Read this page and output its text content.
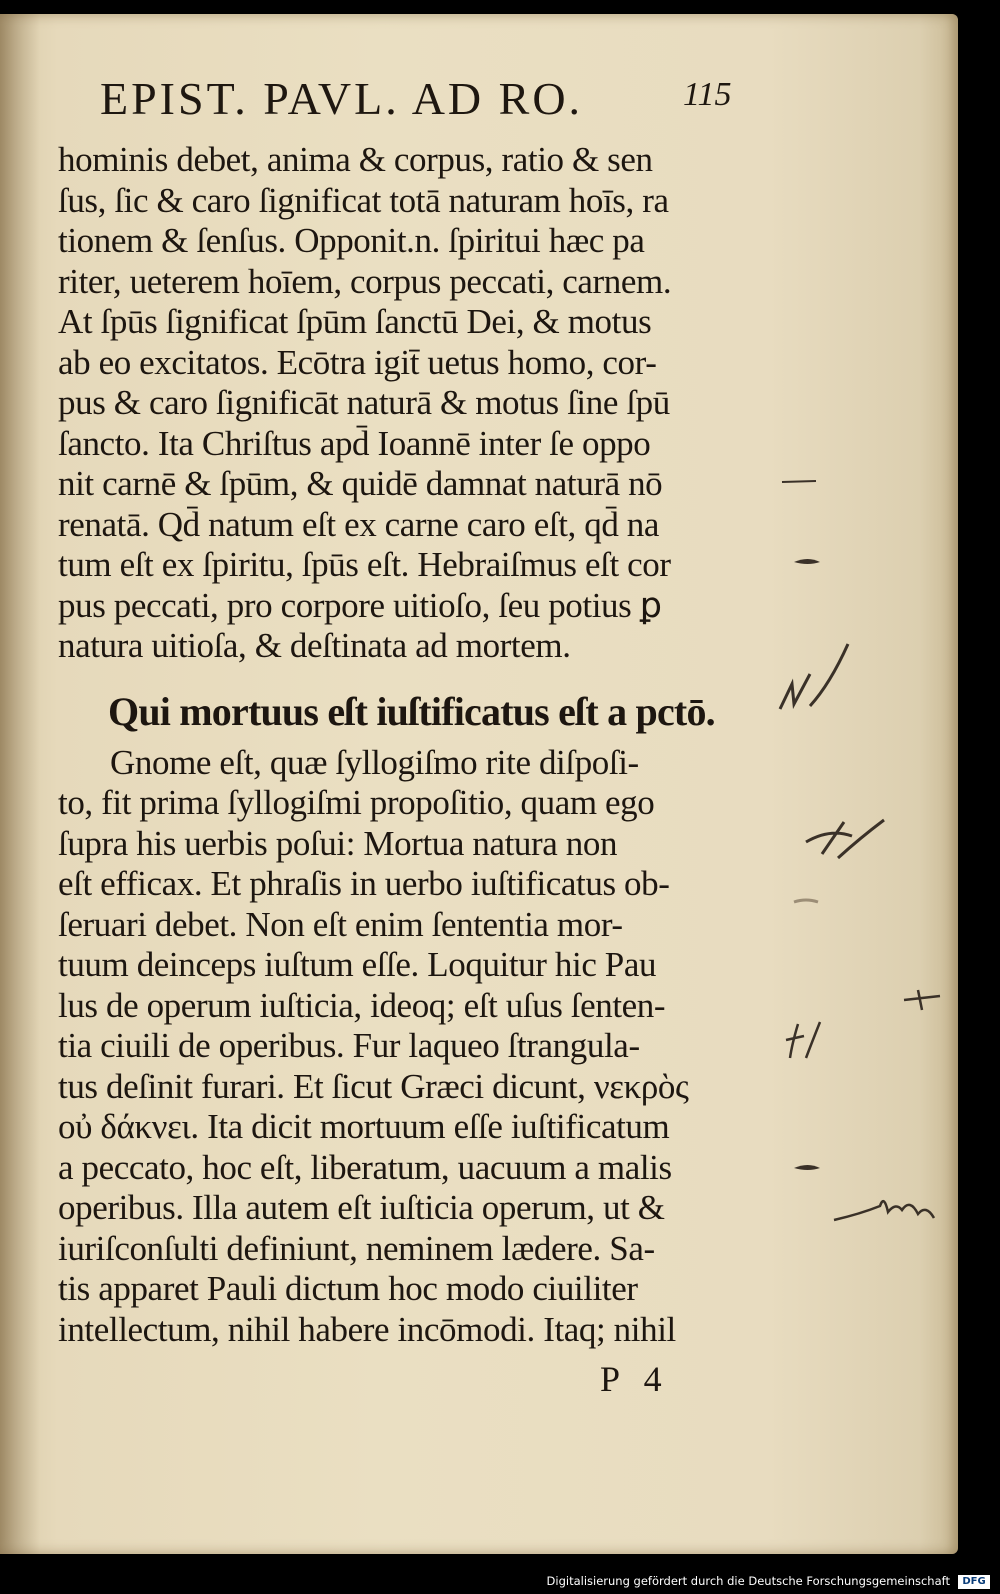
EPIST. PAVL. AD RO.	115
hominis debet, anima & corpus, ratio & sen
ſus, ſic & caro ſignificat totā naturam hoīs, ra
tionem & ſenſus. Opponit.n. ſpiritui hæc pa
riter, ueterem hoīem, corpus peccati, carnem.
At ſpūs ſignificat ſpūm ſanctū Dei, & motus
ab eo excitatos. Ecōtra igit̄ uetus homo, cor-
pus & caro ſignificāt naturā & motus ſine ſpū
ſancto. Ita Chriſtus apd̄ Ioannē inter ſe oppo
nit carnē & ſpūm, & quidē damnat naturā nō
renatā. Qd̄ natum eſt ex carne caro eſt, qd̄ na
tum eſt ex ſpiritu, ſpūs eſt. Hebraiſmus eſt cor
pus peccati, pro corpore uitioſo, ſeu potius ꝑ
natura uitioſa, & deſtinata ad mortem.
Qui mortuus eſt iuſtificatus eſt a pctō.
Gnome eſt, quæ ſyllogiſmo rite diſpoſi-
to, fit prima ſyllogiſmi propoſitio, quam ego
ſupra his uerbis poſui: Mortua natura non
eſt efficax. Et phraſis in uerbo iuſtificatus ob-
ſeruari debet. Non eſt enim ſententia mor-
tuum deinceps iuſtum eſſe. Loquitur hic Pau
lus de operum iuſticia, ideoq; eſt uſus ſenten-
tia ciuili de operibus. Fur laqueo ſtrangula-
tus deſinit furari. Et ſicut Græci dicunt, νεκρὸς
οὐ δάκνει. Ita dicit mortuum eſſe iuſtificatum
a peccato, hoc eſt, liberatum, uacuum a malis
operibus. Illa autem eſt iuſticia operum, ut &
iuriſconſulti definiunt, neminem lædere. Sa-
tis apparet Pauli dictum hoc modo ciuiliter
intellectum, nihil habere incōmodi. Itaq; nihil
P 4
Digitalisierung gefördert durch die Deutsche Forschungsgemeinschaft	DFG
